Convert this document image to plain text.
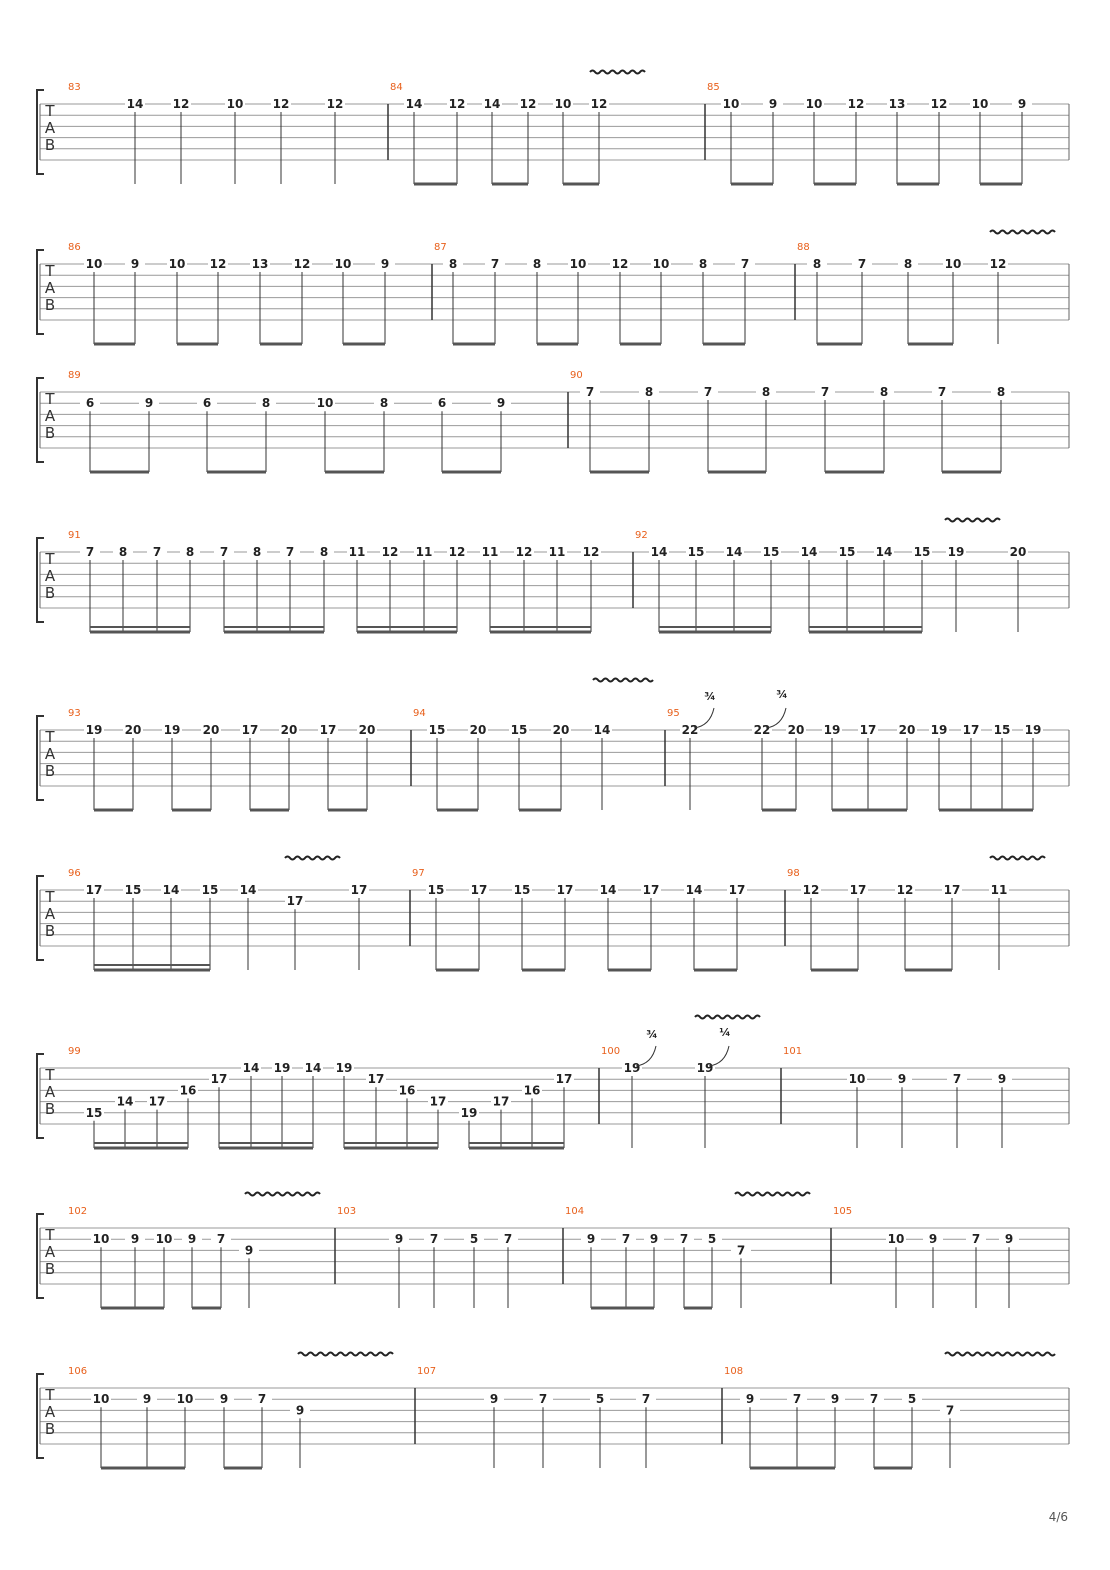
T
A
B
83
14 12	10 12	12
84
14 12 14 12 10 12
85
10 9 10 12 13 12 10 9
T
A
B
86
10 9 10 12 13 12 10 9
87
8	7	8 10 12 10 8	7
88
8	7	8	10 12
T
A
B
89
6	9	6	8	10	8	6	9
90
7	8	7	8	7	8	7	8
T
A
B
91
7 8 7 8 7 8 7 8 11 12 11 12 11 12 11 12
92
14 15 14 15 14 15 14 15 19	20
T
A
B
93
19 20 19 20 17 20 17 20
94
15 20 15 20 14
95
22	22 20 19 17 20 19 17 15 19
¾	¾
T
A
B
96
17 15 14 15 14
17
17
97
15 17 15 17 14 17 14 17
98
12	17	12	17	11
T
A
B
99
15
14 17
16
17
14 19 14 19
17
16
17
19
17
16
17
100
19	19
¾	¼
101
10	9	7	9
T
A
B
102
10 9 10 9 7
9
103
9 7	5 7
104
9 7 9 7 5
7
105
10 9	7 9
T
A
B
106
10	9 10 9 7
9
107
9	7	5	7
108
9	7 9	7 5
7
4/6
